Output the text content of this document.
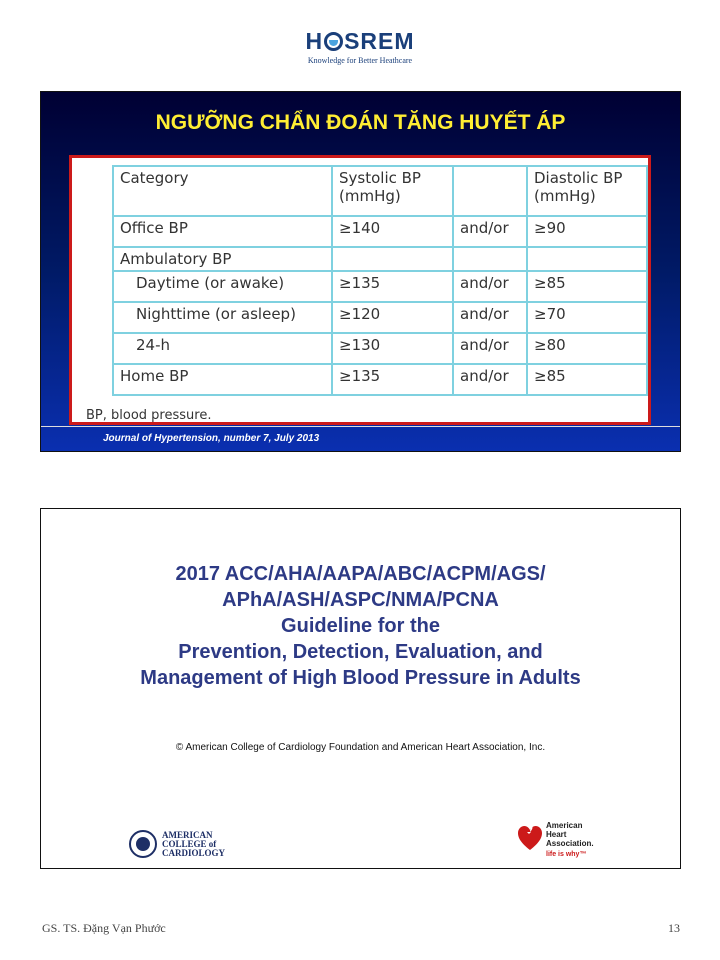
H SREM
Knowledge for Better Heathcare
NGƯỠNG CHẨN ĐOÁN TĂNG HUYẾT ÁP
Category	Systolic BP (mmHg)		Diastolic BP (mmHg)
Office BP	≥140	and/or	≥90
Ambulatory BP			
Daytime (or awake)	≥135	and/or	≥85
Nighttime (or asleep)	≥120	and/or	≥70
24-h	≥130	and/or	≥80
Home BP	≥135	and/or	≥85
BP, blood pressure.
Journal of Hypertension, number 7, July 2013
2017 ACC/AHA/AAPA/ABC/ACPM/AGS/
APhA/ASH/ASPC/NMA/PCNA
Guideline for the
Prevention, Detection, Evaluation, and
Management of High Blood Pressure in Adults
© American College of Cardiology Foundation and American Heart Association, Inc.
AMERICAN
COLLEGE of
CARDIOLOGY
American
Heart
Association.
life is why™
GS. TS. Đặng Vạn Phước	13
